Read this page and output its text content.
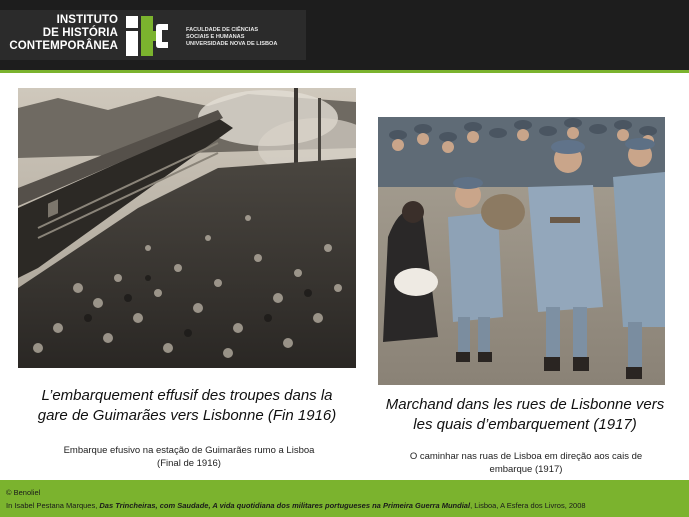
INSTITUTO
DE HISTÓRIA
CONTEMPORÂNEA
FACULDADE DE CIÊNCIAS
SOCIAIS E HUMANAS
UNIVERSIDADE NOVA DE LISBOA
L’embarquement effusif des troupes dans la
gare de Guimarães vers Lisbonne (Fin 1916)
Embarque efusivo na estação de Guimarães rumo a Lisboa
(Final de 1916)
Marchand dans les rues de Lisbonne vers
les quais d’embarquement (1917)
O caminhar nas ruas de Lisboa em direção aos cais de
embarque (1917)
© Benoliel
In Isabel Pestana Marques, Das Trincheiras, com Saudade, A vida quotidiana dos militares portugueses na Primeira Guerra Mundial, Lisboa, A Esfera dos Livros, 2008
